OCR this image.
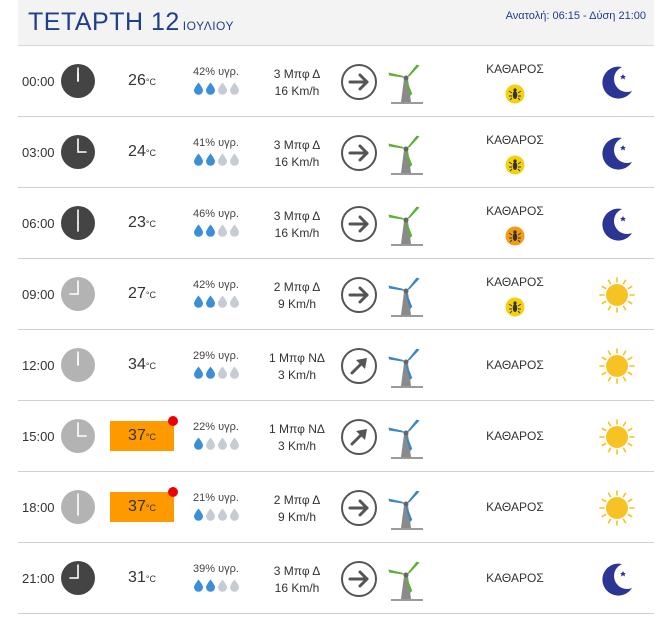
ΤΕΤΑΡΤΗ 12 ΙΟΥΛΙΟΥ
Ανατολή: 06:15 - Δύση 21:00
00:00	26°C
42% υγρ.	3 Μπφ Δ
16 Km/h
ΚΑΘΑΡΟΣ
03:00	24°C
41% υγρ.	3 Μπφ Δ
16 Km/h
ΚΑΘΑΡΟΣ
06:00	23°C
46% υγρ.	3 Μπφ Δ
16 Km/h
ΚΑΘΑΡΟΣ
09:00	27°C
42% υγρ.	2 Μπφ Δ
9 Km/h
ΚΑΘΑΡΟΣ
12:00	34°C
29% υγρ.	1 Μπφ ΝΔ
3 Km/h
ΚΑΘΑΡΟΣ
15:00	37°C
22% υγρ.	1 Μπφ ΝΔ
3 Km/h
ΚΑΘΑΡΟΣ
18:00	37°C
21% υγρ.	2 Μπφ Δ
9 Km/h
ΚΑΘΑΡΟΣ
21:00	31°C
39% υγρ.	3 Μπφ Δ
16 Km/h
ΚΑΘΑΡΟΣ
